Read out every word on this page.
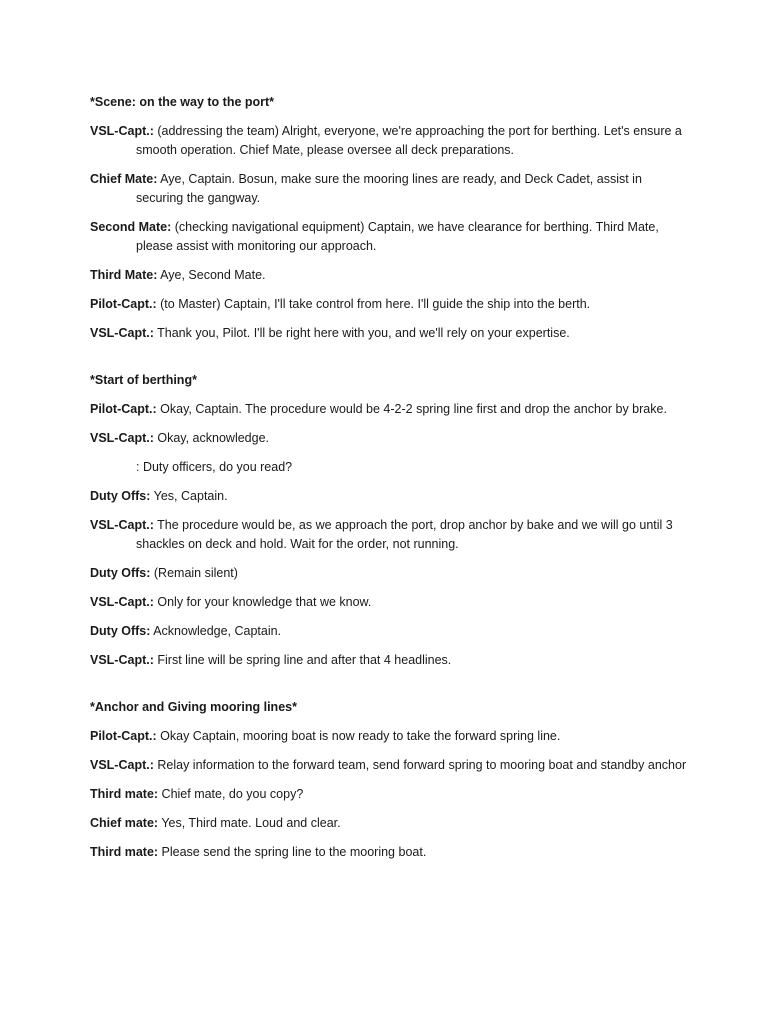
*Scene: on the way to the port*

VSL-Capt.: (addressing the team) Alright, everyone, we're approaching the port for berthing. Let's ensure a smooth operation. Chief Mate, please oversee all deck preparations.

Chief Mate: Aye, Captain. Bosun, make sure the mooring lines are ready, and Deck Cadet, assist in securing the gangway.

Second Mate: (checking navigational equipment) Captain, we have clearance for berthing. Third Mate, please assist with monitoring our approach.

Third Mate: Aye, Second Mate.

Pilot-Capt.: (to Master) Captain, I'll take control from here. I'll guide the ship into the berth.

VSL-Capt.: Thank you, Pilot. I'll be right here with you, and we'll rely on your expertise.

*Start of berthing*

Pilot-Capt.: Okay, Captain. The procedure would be 4-2-2 spring line first and drop the anchor by brake.

VSL-Capt.: Okay, acknowledge.

: Duty officers, do you read?

Duty Offs: Yes, Captain.

VSL-Capt.: The procedure would be, as we approach the port, drop anchor by bake and we will go until 3 shackles on deck and hold. Wait for the order, not running.

Duty Offs: (Remain silent)

VSL-Capt.: Only for your knowledge that we know.

Duty Offs: Acknowledge, Captain.

VSL-Capt.: First line will be spring line and after that 4 headlines.

*Anchor and Giving mooring lines*

Pilot-Capt.: Okay Captain, mooring boat is now ready to take the forward spring line.

VSL-Capt.: Relay information to the forward team, send forward spring to mooring boat and standby anchor

Third mate: Chief mate, do you copy?

Chief mate: Yes, Third mate. Loud and clear.

Third mate: Please send the spring line to the mooring boat.
